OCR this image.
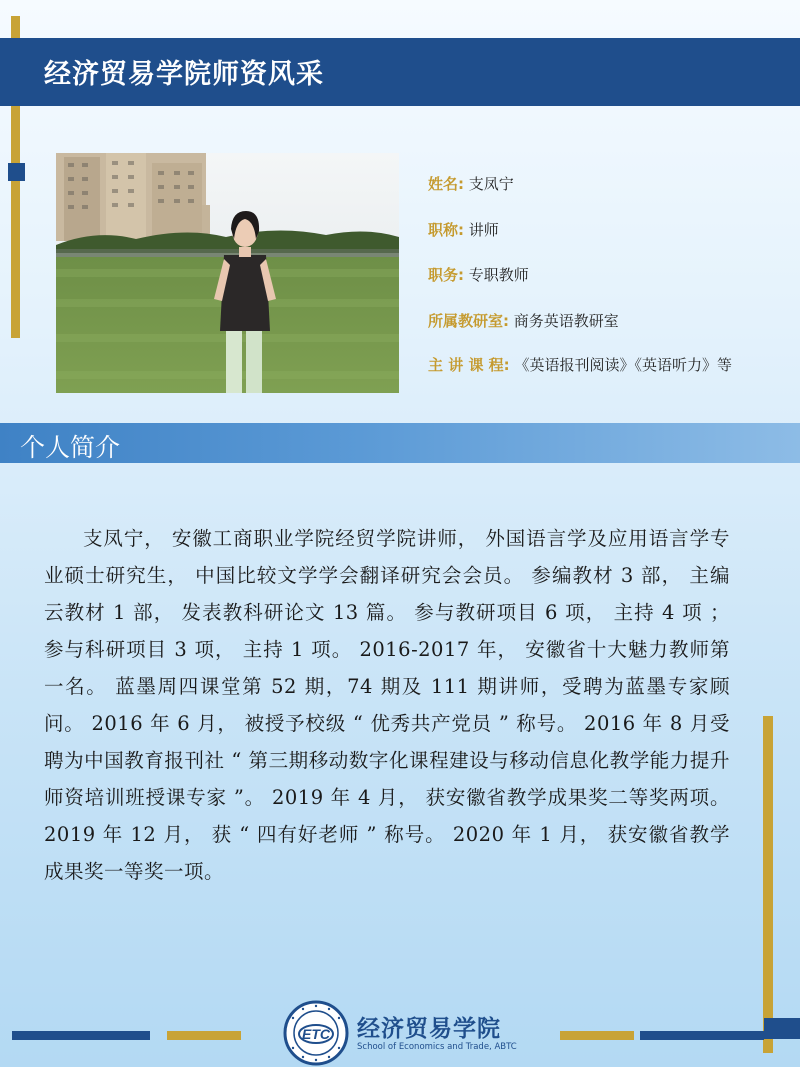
经济贸易学院师资风采
姓名: 支凤宁
职称: 讲师
职务: 专职教师
所属教研室: 商务英语教研室
主 讲 课 程: 《英语报刊阅读》《英语听力》等
个人简介
支凤宁， 安徽工商职业学院经贸学院讲师， 外国语言学及应用语言学专业硕士研究生， 中国比较文学学会翻译研究会会员。 参编教材 3 部， 主编云教材 1 部， 发表教科研论文 13 篇。 参与教研项目 6 项， 主持 4 项 ； 参与科研项目 3 项， 主持 1 项。 2016-2017 年， 安徽省十大魅力教师第一名。 蓝墨周四课堂第 52 期，74 期及 111 期讲师，受聘为蓝墨专家顾问。 2016 年 6 月， 被授予校级 “ 优秀共产党员 ” 称号。 2016 年 8 月受聘为中国教育报刊社 “ 第三期移动数字化课程建设与移动信息化教学能力提升师资培训班授课专家 ”。 2019 年 4 月， 获安徽省教学成果奖二等奖两项。 2019 年 12 月， 获 “ 四有好老师 ” 称号。 2020 年 1 月， 获安徽省教学成果奖一等奖一项。
ETC 经济贸易学院
School of Economics and Trade, ABTC
